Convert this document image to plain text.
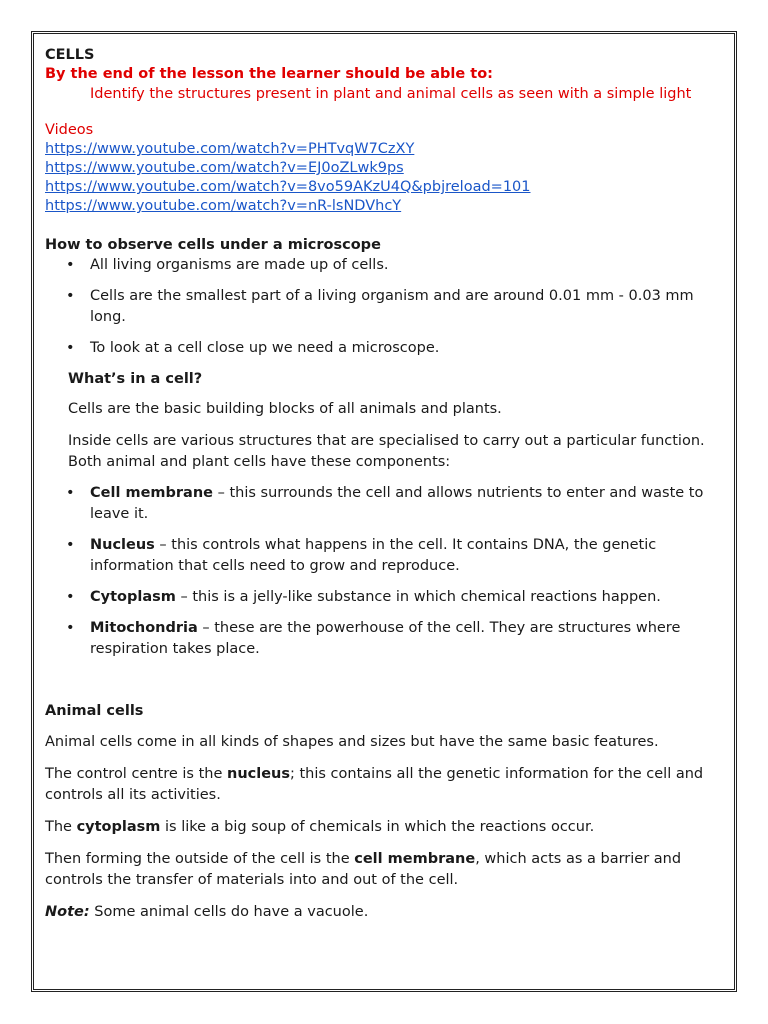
CELLS
By the end of the lesson the learner should be able to:
Identify the structures present in plant and animal cells as seen with a simple light
Videos
https://www.youtube.com/watch?v=PHTvqW7CzXY
https://www.youtube.com/watch?v=EJ0oZLwk9ps
https://www.youtube.com/watch?v=8vo59AKzU4Q&pbjreload=101
https://www.youtube.com/watch?v=nR-lsNDVhcY
How to observe cells under a microscope
• All living organisms are made up of cells.
• Cells are the smallest part of a living organism and are around 0.01 mm - 0.03 mm long.
• To look at a cell close up we need a microscope.
What’s in a cell?

Cells are the basic building blocks of all animals and plants.

Inside cells are various structures that are specialised to carry out a particular function. Both animal and plant cells have these components:

• Cell membrane – this surrounds the cell and allows nutrients to enter and waste to leave it.
• Nucleus – this controls what happens in the cell. It contains DNA, the genetic information that cells need to grow and reproduce.
• Cytoplasm – this is a jelly-like substance in which chemical reactions happen.
• Mitochondria – these are the powerhouse of the cell. They are structures where respiration takes place.
Animal cells

Animal cells come in all kinds of shapes and sizes but have the same basic features.

The control centre is the nucleus; this contains all the genetic information for the cell and controls all its activities.

The cytoplasm is like a big soup of chemicals in which the reactions occur.

Then forming the outside of the cell is the cell membrane, which acts as a barrier and controls the transfer of materials into and out of the cell.

Note: Some animal cells do have a vacuole.
